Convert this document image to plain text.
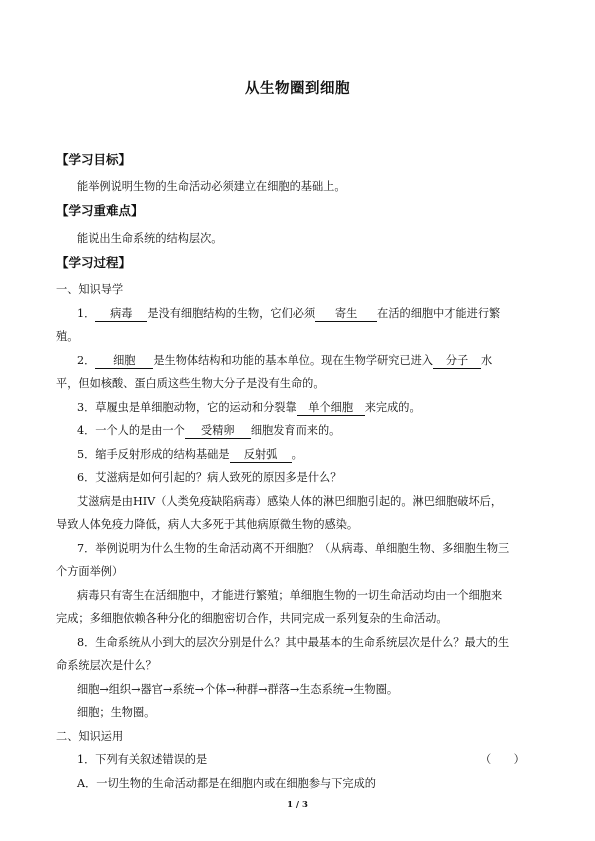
从生物圈到细胞
【学习目标】
能举例说明生物的生命活动必须建立在细胞的基础上。
【学习重难点】
能说出生命系统的结构层次。
【学习过程】
一、知识导学
1． 病毒 是没有细胞结构的生物，它们必须 寄生 在活的细胞中才能进行繁
殖。
2． 细胞 是生物体结构和功能的基本单位。现在生物学研究已进入 分子 水
平，但如核酸、蛋白质这些生物大分子是没有生命的。
3．草履虫是单细胞动物，它的运动和分裂靠 单个细胞 来完成的。
4．一个人的是由一个 受精卵 细胞发育而来的。
5．缩手反射形成的结构基础是 反射弧 。
6．艾滋病是如何引起的？病人致死的原因多是什么？
艾滋病是由HIV（人类免疫缺陷病毒）感染人体的淋巴细胞引起的。淋巴细胞破坏后，
导致人体免疫力降低，病人大多死于其他病原微生物的感染。
7．举例说明为什么生物的生命活动离不开细胞？（从病毒、单细胞生物、多细胞生物三
个方面举例）
病毒只有寄生在活细胞中，才能进行繁殖；单细胞生物的一切生命活动均由一个细胞来
完成；多细胞依赖各种分化的细胞密切合作，共同完成一系列复杂的生命活动。
8．生命系统从小到大的层次分别是什么？其中最基本的生命系统层次是什么？最大的生
命系统层次是什么？
细胞→组织→器官→系统→个体→种群→群落→生态系统→生物圈。
细胞；生物圈。
二、知识运用
1．下列有关叙述错误的是	（　　）
A．一切生物的生命活动都是在细胞内或在细胞参与下完成的
1 / 3
